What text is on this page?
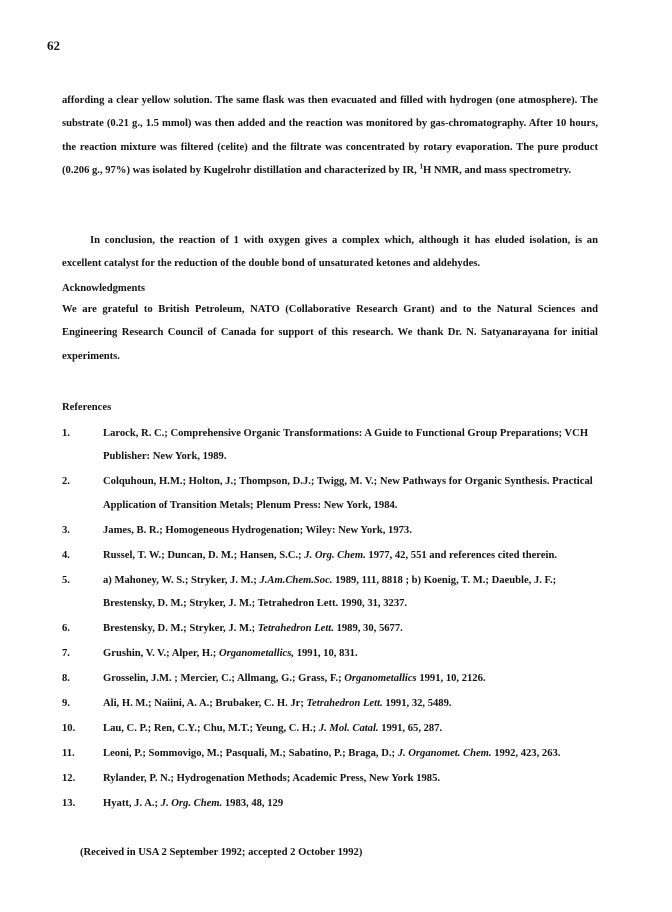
62

affording a clear yellow solution. The same flask was then evacuated and filled with hydrogen (one atmosphere). The substrate (0.21 g., 1.5 mmol) was then added and the reaction was monitored by gas-chromatography. After 10 hours, the reaction mixture was filtered (celite) and the filtrate was concentrated by rotary evaporation. The pure product (0.206 g., 97%) was isolated by Kugelrohr distillation and characterized by IR, $^1$H NMR, and mass spectrometry.

In conclusion, the reaction of 1 with oxygen gives a complex which, although it has eluded isolation, is an excellent catalyst for the reduction of the double bond of unsaturated ketones and aldehydes.

Acknowledgments

We are grateful to British Petroleum, NATO (Collaborative Research Grant) and to the Natural Sciences and Engineering Research Council of Canada for support of this research. We thank Dr. N. Satyanarayana for initial experiments.

References
1.	Larock, R. C.; Comprehensive Organic Transformations: A Guide to Functional Group Preparations; VCH Publisher: New York, 1989.
2.	Colquhoun, H.M.; Holton, J.; Thompson, D.J.; Twigg, M. V.; New Pathways for Organic Synthesis. Practical Application of Transition Metals; Plenum Press: New York, 1984.
3.	James, B. R.; Homogeneous Hydrogenation; Wiley: New York, 1973.
4.	Russel, T. W.; Duncan, D. M.; Hansen, S.C.; J. Org. Chem. 1977, 42, 551 and references cited therein.
5.	a) Mahoney, W. S.; Stryker, J. M.; J.Am.Chem.Soc. 1989, 111, 8818 ; b) Koenig, T. M.; Daeuble, J. F.; Brestensky, D. M.; Stryker, J. M.; Tetrahedron Lett. 1990, 31, 3237.
6.	Brestensky, D. M.; Stryker, J. M.; Tetrahedron Lett. 1989, 30, 5677.
7.	Grushin, V. V.; Alper, H.; Organometallics, 1991, 10, 831.
8.	Grosselin, J.M. ; Mercier, C.; Allmang, G.; Grass, F.; Organometallics 1991, 10, 2126.
9.	Ali, H. M.; Naiini, A. A.; Brubaker, C. H. Jr; Tetrahedron Lett. 1991, 32, 5489.
10.	Lau, C. P.; Ren, C.Y.; Chu, M.T.; Yeung, C. H.; J. Mol. Catal. 1991, 65, 287.
11.	Leoni, P.; Sommovigo, M.; Pasquali, M.; Sabatino, P.; Braga, D.; J. Organomet. Chem. 1992, 423, 263.
12.	Rylander, P. N.; Hydrogenation Methods; Academic Press, New York 1985.
13.	Hyatt, J. A.; J. Org. Chem. 1983, 48, 129
(Received in USA 2 September 1992; accepted 2 October 1992)
